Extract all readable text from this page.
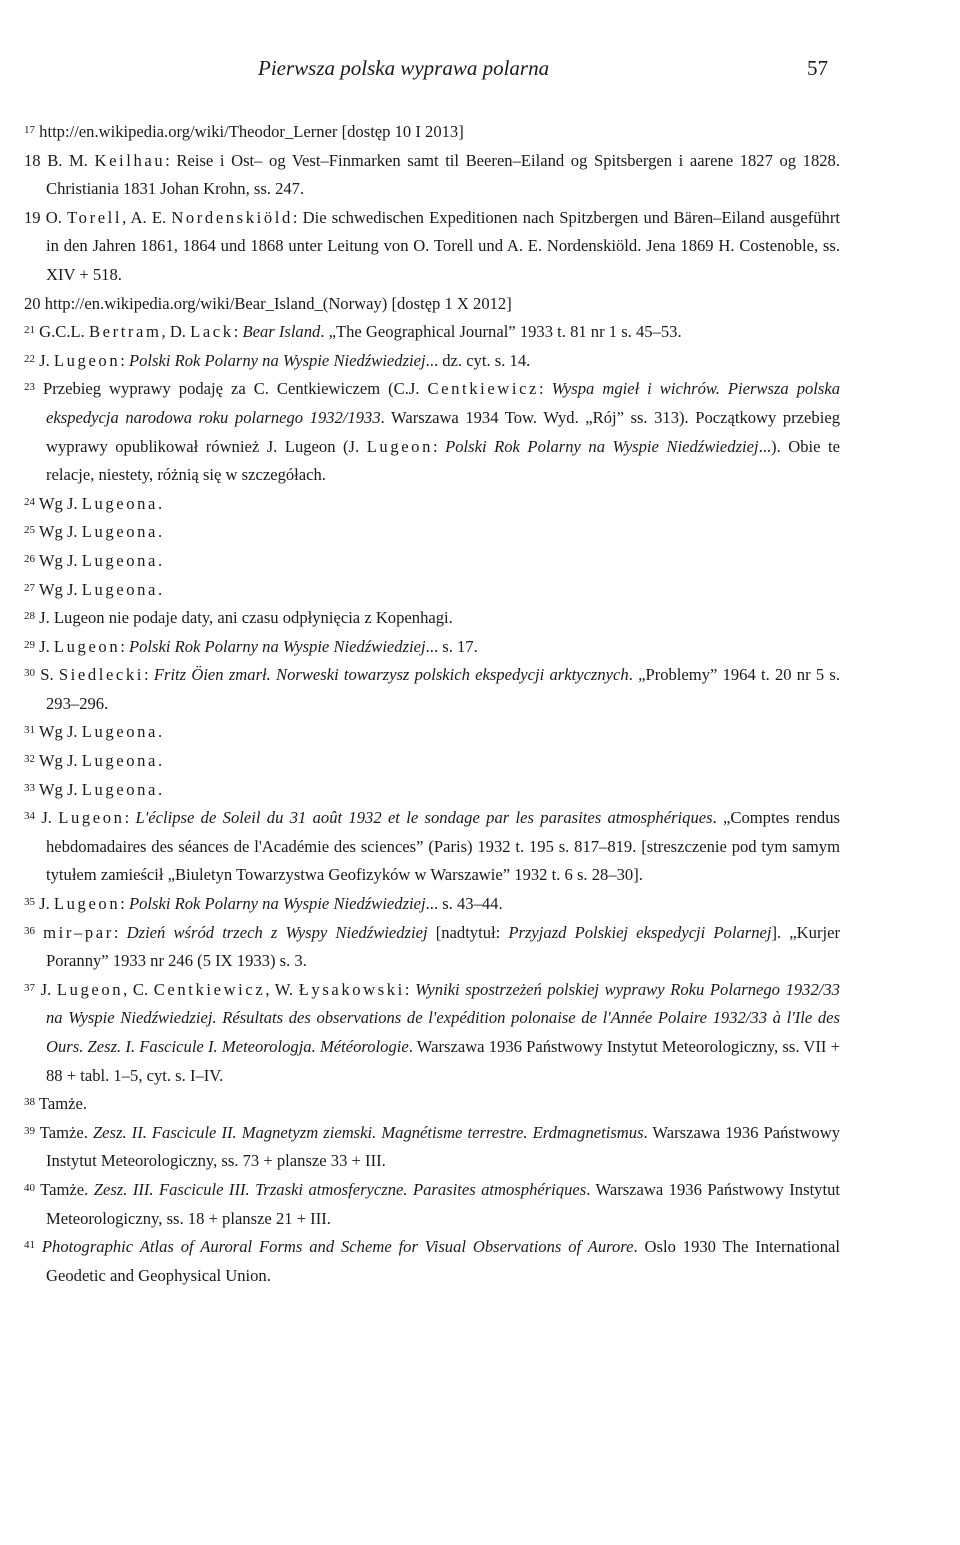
Pierwsza polska wyprawa polarna	57

$^{17}$ http://en.wikipedia.org/wiki/Theodor_Lerner [dostęp 10 I 2013]

18 B. M. Keilhau: Reise i Ost– og Vest–Finmarken samt til Beeren–Eiland og Spitsbergen i aarene 1827 og 1828. Christiania 1831 Johan Krohn, ss. 247.

19 O. Torell, A. E. Nordenskiöld: Die schwedischen Expeditionen nach Spitzbergen und Bären–Eiland ausgeführt in den Jahren 1861, 1864 und 1868 unter Leitung von O. Torell und A. E. Nordenskiöld. Jena 1869 H. Costenoble, ss. XIV + 518.

20 http://en.wikipedia.org/wiki/Bear_Island_(Norway) [dostęp 1 X 2012]

$^{21}$ G.C.L. Bertram, D. Lack: Bear Island. „The Geographical Journal” 1933 t. 81 nr 1 s. 45–53.

$^{22}$ J. Lugeon: Polski Rok Polarny na Wyspie Niedźwiedziej... dz. cyt. s. 14.

$^{23}$ Przebieg wyprawy podaję za C. Centkiewiczem (C.J. Centkiewicz: Wyspa mgieł i wichrów. Pierwsza polska ekspedycja narodowa roku polarnego 1932/1933. Warszawa 1934 Tow. Wyd. „Rój” ss. 313). Początkowy przebieg wyprawy opublikował również J. Lugeon (J. Lugeon: Polski Rok Polarny na Wyspie Niedźwiedziej...). Obie te relacje, niestety, różnią się w szczegółach.

$^{24}$ Wg J. Lugeona.

$^{25}$ Wg J. Lugeona.

$^{26}$ Wg J. Lugeona.

$^{27}$ Wg J. Lugeona.

$^{28}$ J. Lugeon nie podaje daty, ani czasu odpłynięcia z Kopenhagi.

$^{29}$ J. Lugeon: Polski Rok Polarny na Wyspie Niedźwiedziej... s. 17.

$^{30}$ S. Siedlecki: Fritz Öien zmarł. Norweski towarzysz polskich ekspedycji arktycznych. „Problemy” 1964 t. 20 nr 5 s. 293–296.

$^{31}$ Wg J. Lugeona.

$^{32}$ Wg J. Lugeona.

$^{33}$ Wg J. Lugeona.

$^{34}$ J. Lugeon: L'éclipse de Soleil du 31 août 1932 et le sondage par les parasites atmosphériques. „Comptes rendus hebdomadaires des séances de l'Académie des sciences” (Paris) 1932 t. 195 s. 817–819. [streszczenie pod tym samym tytułem zamieścił „Biuletyn Towarzystwa Geofizyków w Warszawie” 1932 t. 6 s. 28–30].

$^{35}$ J. Lugeon: Polski Rok Polarny na Wyspie Niedźwiedziej... s. 43–44.

$^{36}$ mir–par: Dzień wśród trzech z Wyspy Niedźwiedziej [nadtytuł: Przyjazd Polskiej ekspedycji Polarnej]. „Kurjer Poranny” 1933 nr 246 (5 IX 1933) s. 3.

$^{37}$ J. Lugeon, C. Centkiewicz, W. Łysakowski: Wyniki spostrzeżeń polskiej wyprawy Roku Polarnego 1932/33 na Wyspie Niedźwiedziej. Résultats des observations de l'expédition polonaise de l'Année Polaire 1932/33 à l'Ile des Ours. Zesz. I. Fascicule I. Meteorologja. Météorologie. Warszawa 1936 Państwowy Instytut Meteorologiczny, ss. VII + 88 + tabl. 1–5, cyt. s. I–IV.

$^{38}$ Tamże.

$^{39}$ Tamże. Zesz. II. Fascicule II. Magnetyzm ziemski. Magnétisme terrestre. Erdmagnetismus. Warszawa 1936 Państwowy Instytut Meteorologiczny, ss. 73 + plansze 33 + III.

$^{40}$ Tamże. Zesz. III. Fascicule III. Trzaski atmosferyczne. Parasites atmosphériques. Warszawa 1936 Państwowy Instytut Meteorologiczny, ss. 18 + plansze 21 + III.

$^{41}$ Photographic Atlas of Auroral Forms and Scheme for Visual Observations of Aurore. Oslo 1930 The International Geodetic and Geophysical Union.
